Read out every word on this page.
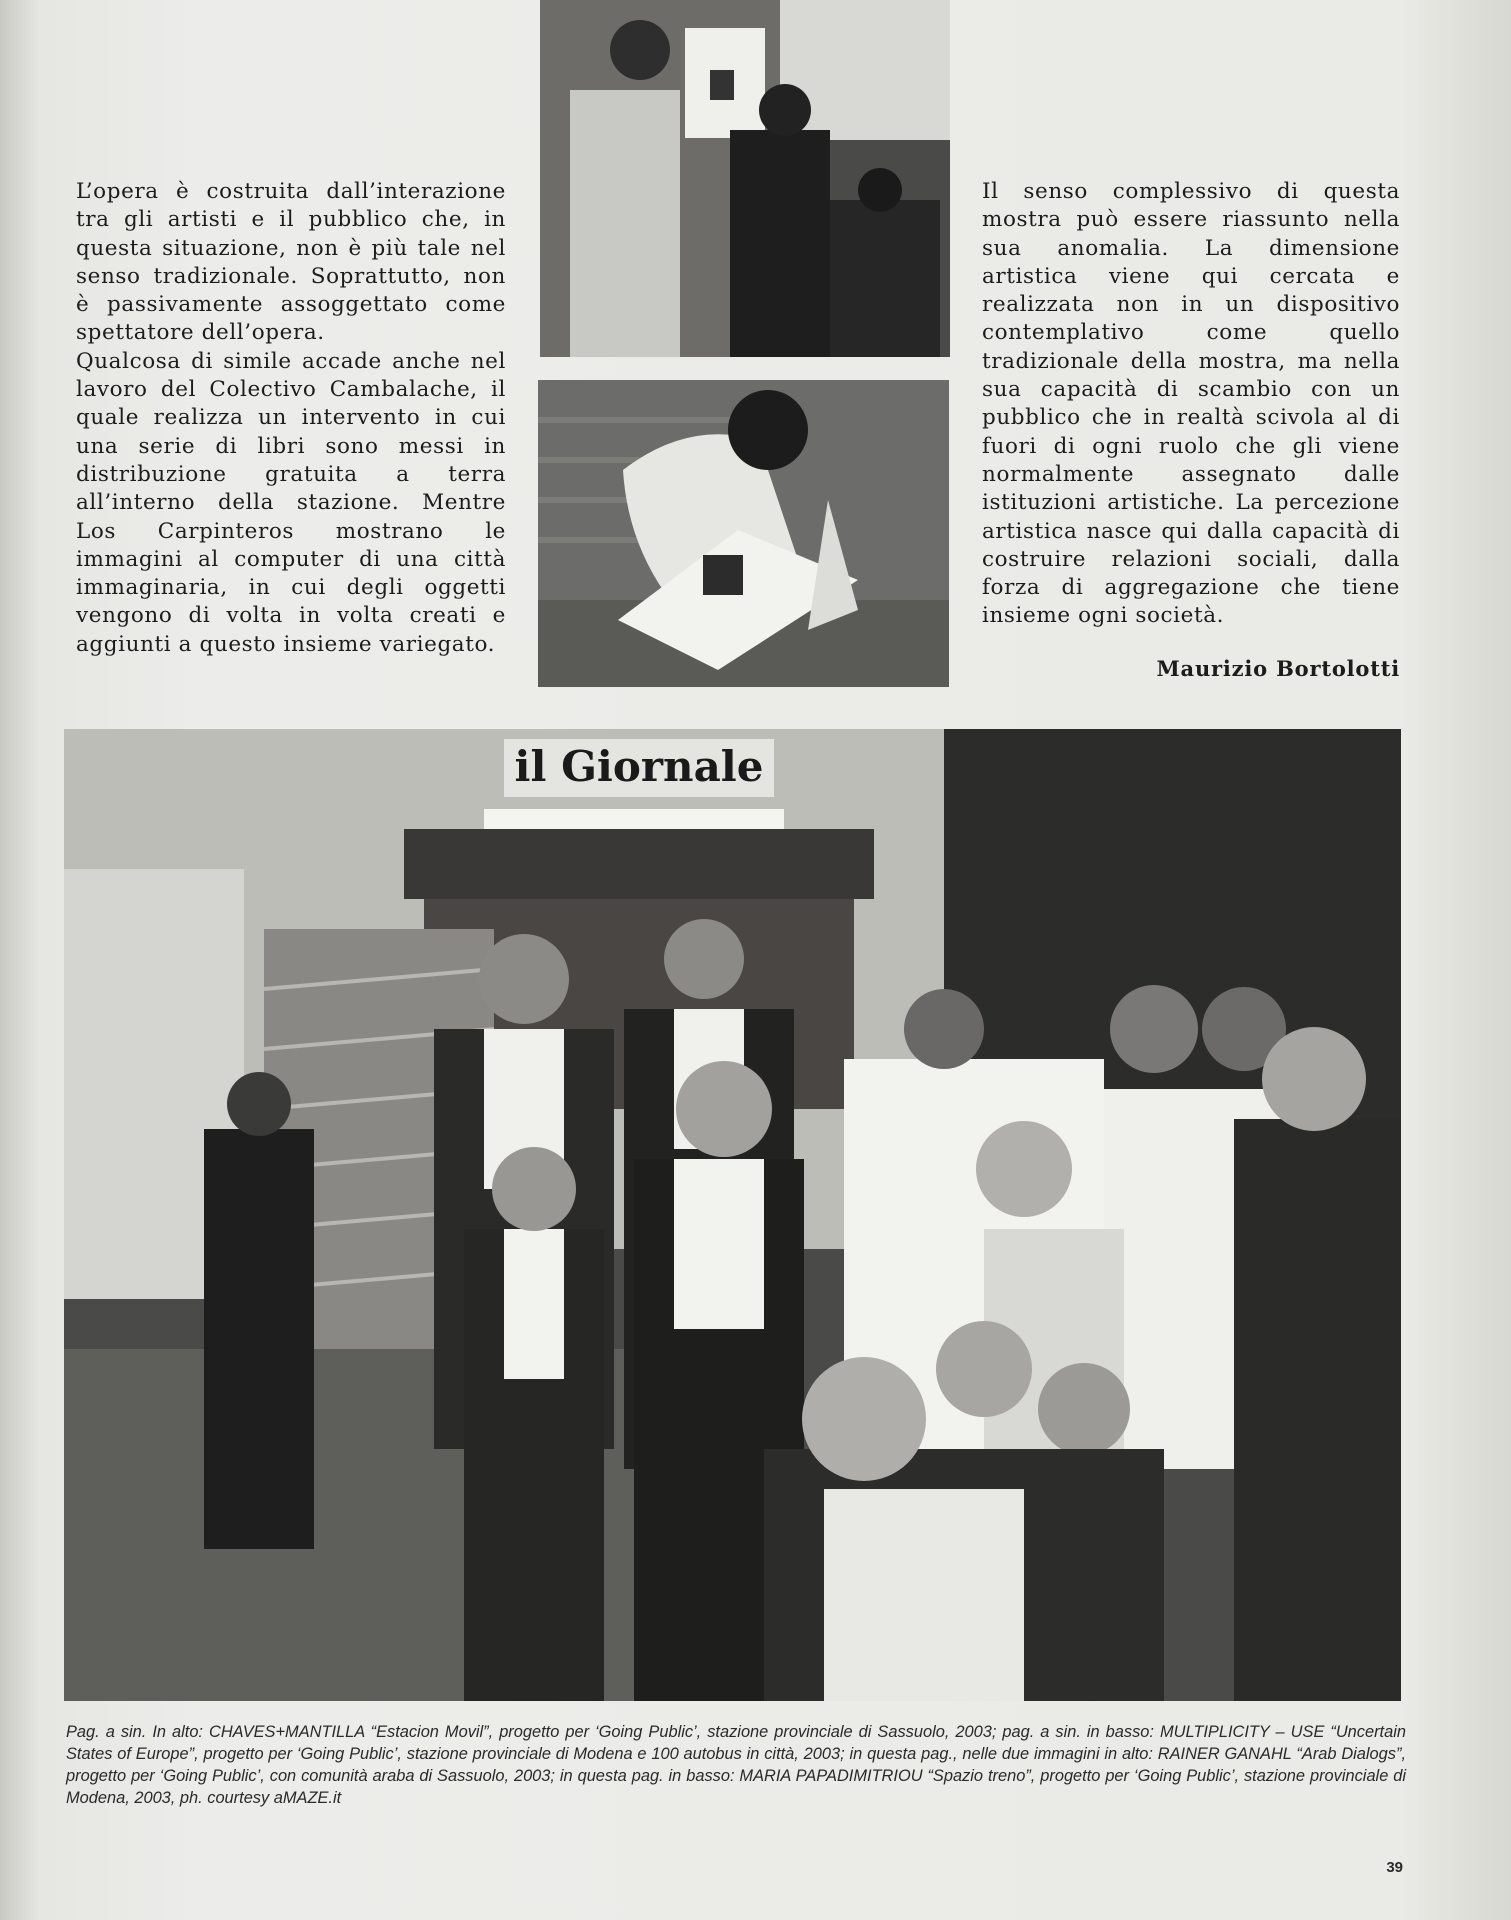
L’opera è costruita dall’interazione tra gli artisti e il pubblico che, in questa situazione, non è più tale nel senso tradizionale. Soprattutto, non è passivamente assoggettato come spettatore dell’opera.

Qualcosa di simile accade anche nel lavoro del Colectivo Cambalache, il quale realizza un intervento in cui una serie di libri sono messi in distribuzione gratuita a terra all’interno della stazione. Mentre Los Carpinteros mostrano le immagini al computer di una città immaginaria, in cui degli oggetti vengono di volta in volta creati e aggiunti a questo insieme variegato.

Il senso complessivo di questa mostra può essere riassunto nella sua anomalia. La dimensione artistica viene qui cercata e realizzata non in un dispositivo contemplativo come quello tradizionale della mostra, ma nella sua capacità di scambio con un pubblico che in realtà scivola al di fuori di ogni ruolo che gli viene normalmente assegnato dalle istituzioni artistiche. La percezione artistica nasce qui dalla capacità di costruire relazioni sociali, dalla forza di aggregazione che tiene insieme ogni società.

Maurizio Bortolotti
il Giornale
Pag. a sin. In alto: CHAVES+MANTILLA “Estacion Movil”, progetto per ‘Going Public’, stazione provinciale di Sassuolo, 2003; pag. a sin. in basso: MULTIPLICITY – USE “Uncertain States of Europe”, progetto per ‘Going Public’, stazione provinciale di Modena e 100 autobus in città, 2003; in questa pag., nelle due immagini in alto: RAINER GANAHL “Arab Dialogs”, progetto per ‘Going Public’, con comunità araba di Sassuolo, 2003; in questa pag. in basso: MARIA PAPADIMITRIOU “Spazio treno”, progetto per ‘Going Public’, stazione provinciale di Modena, 2003, ph. courtesy aMAZE.it
39
